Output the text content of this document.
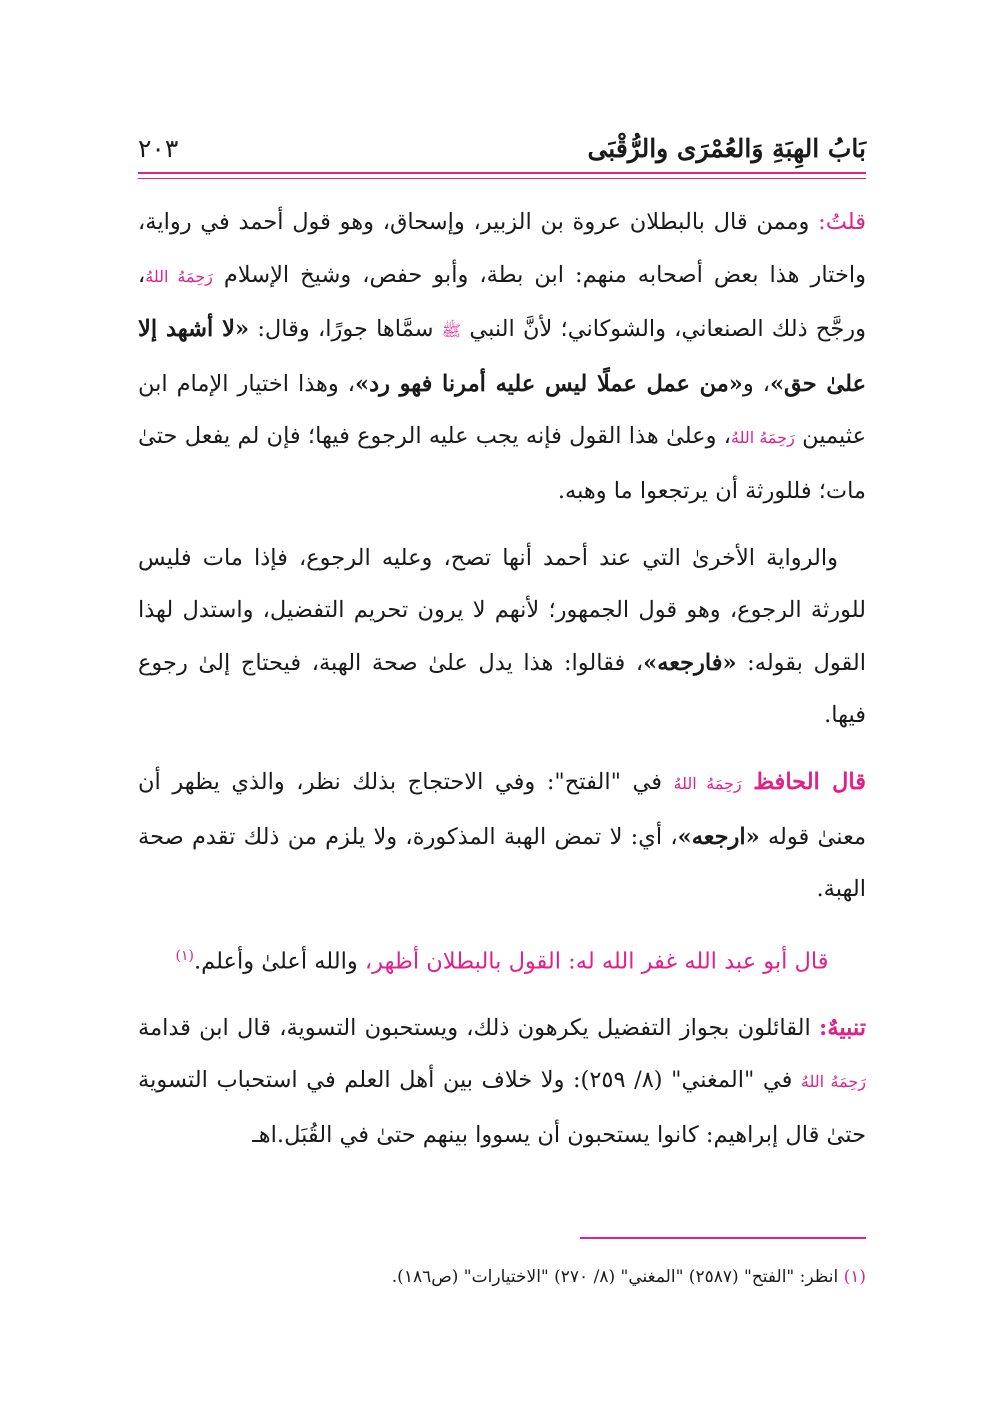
بَابُ الهِبَةِ وَالعُمْرَى والرُّقْبَى
٢٠٣

قلتُ: وممن قال بالبطلان عروة بن الزبير، وإسحاق، وهو قول أحمد في رواية، واختار هذا بعض أصحابه منهم: ابن بطة، وأبو حفص، وشيخ الإسلام رَحِمَهُ اللهُ، ورجَّح ذلك الصنعاني، والشوكاني؛ لأنَّ النبي ﷺ سمَّاها جورًا، وقال: «لا أشهد إلا علىٰ حق»، و«من عمل عملًا ليس عليه أمرنا فهو رد»، وهذا اختيار الإمام ابن عثيمين رَحِمَهُ اللهُ، وعلىٰ هذا القول فإنه يجب عليه الرجوع فيها؛ فإن لم يفعل حتىٰ مات؛ فللورثة أن يرتجعوا ما وهبه.

والرواية الأخرىٰ التي عند أحمد أنها تصح، وعليه الرجوع، فإذا مات فليس للورثة الرجوع، وهو قول الجمهور؛ لأنهم لا يرون تحريم التفضيل، واستدل لهذا القول بقوله: «فارجعه»، فقالوا: هذا يدل علىٰ صحة الهبة، فيحتاج إلىٰ رجوع فيها.

قال الحافظ رَحِمَهُ اللهُ في "الفتح": وفي الاحتجاج بذلك نظر، والذي يظهر أن معنىٰ قوله «ارجعه»، أي: لا تمض الهبة المذكورة، ولا يلزم من ذلك تقدم صحة الهبة.

قال أبو عبد الله غفر الله له: القول بالبطلان أظهر، والله أعلىٰ وأعلم.$^{(١)}$

تنبيهٌ: القائلون بجواز التفضيل يكرهون ذلك، ويستحبون التسوية، قال ابن قدامة رَحِمَهُ اللهُ في "المغني" (٨/ ٢٥٩): ولا خلاف بين أهل العلم في استحباب التسوية حتىٰ قال إبراهيم: كانوا يستحبون أن يسووا بينهم حتىٰ في القُبَل.اهـ

(١) انظر: "الفتح" (٢٥٨٧) "المغني" (٨/ ٢٧٠) "الاختيارات" (ص١٨٦).
